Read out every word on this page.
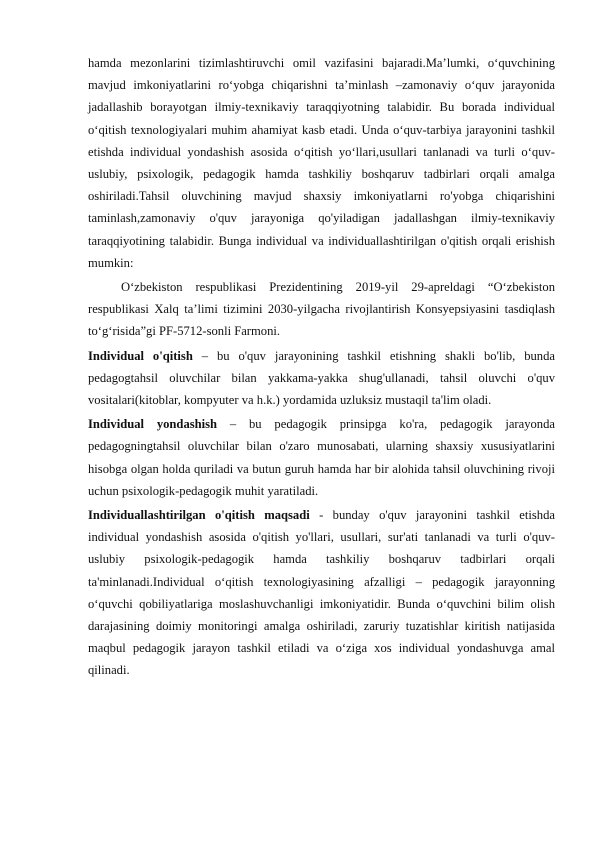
hamda mezonlarini tizimlashtiruvchi omil vazifasini bajaradi.Ma’lumki, o‘quvchining mavjud imkoniyatlarini ro‘yobga chiqarishni ta’minlash –zamonaviy o‘quv jarayonida jadallashib borayotgan ilmiy-texnikaviy taraqqiyotning talabidir. Bu borada individual o‘qitish texnologiyalari muhim ahamiyat kasb etadi. Unda o‘quv-tarbiya jarayonini tashkil etishda individual yondashish asosida o‘qitish yo‘llari,usullari tanlanadi va turli o‘quv-uslubiy, psixologik, pedagogik hamda tashkiliy boshqaruv tadbirlari orqali amalga oshiriladi.Tahsil oluvchining mavjud shaxsiy imkoniyatlarni ro'yobga chiqarishini taminlash,zamonaviy o'quv jarayoniga qo'yiladigan jadallashgan ilmiy-texnikaviy taraqqiyotining talabidir. Bunga individual va individuallashtirilgan o'qitish orqali erishish mumkin:

O‘zbekiston respublikasi Prezidentining 2019-yil 29-apreldagi “O‘zbekiston respublikasi Xalq ta’limi tizimini 2030-yilgacha rivojlantirish Konsyepsiyasini tasdiqlash to‘g‘risida”gi PF-5712-sonli Farmoni.

Individual o'qitish – bu o'quv jarayonining tashkil etishning shakli bo'lib, bunda pedagogtahsil oluvchilar bilan yakkama-yakka shug'ullanadi, tahsil oluvchi o'quv vositalari(kitoblar, kompyuter va h.k.) yordamida uzluksiz mustaqil ta'lim oladi.

Individual yondashish – bu pedagogik prinsipga ko'ra, pedagogik jarayonda pedagogningtahsil oluvchilar bilan o'zaro munosabati, ularning shaxsiy xususiyatlarini hisobga olgan holda quriladi va butun guruh hamda har bir alohida tahsil oluvchining rivoji uchun psixologik-pedagogik muhit yaratiladi.

Individuallashtirilgan o'qitish maqsadi - bunday o'quv jarayonini tashkil etishda individual yondashish asosida o'qitish yo'llari, usullari, sur'ati tanlanadi va turli o'quv-uslubiy psixologik-pedagogik hamda tashkiliy boshqaruv tadbirlari orqali ta'minlanadi.Individual o‘qitish texnologiyasining afzalligi – pedagogik jarayonning o‘quvchi qobiliyatlariga moslashuvchanligi imkoniyatidir. Bunda o‘quvchini bilim olish darajasining doimiy monitoringi amalga oshiriladi, zaruriy tuzatishlar kiritish natijasida maqbul pedagogik jarayon tashkil etiladi va o‘ziga xos individual yondashuvga amal qilinadi.
